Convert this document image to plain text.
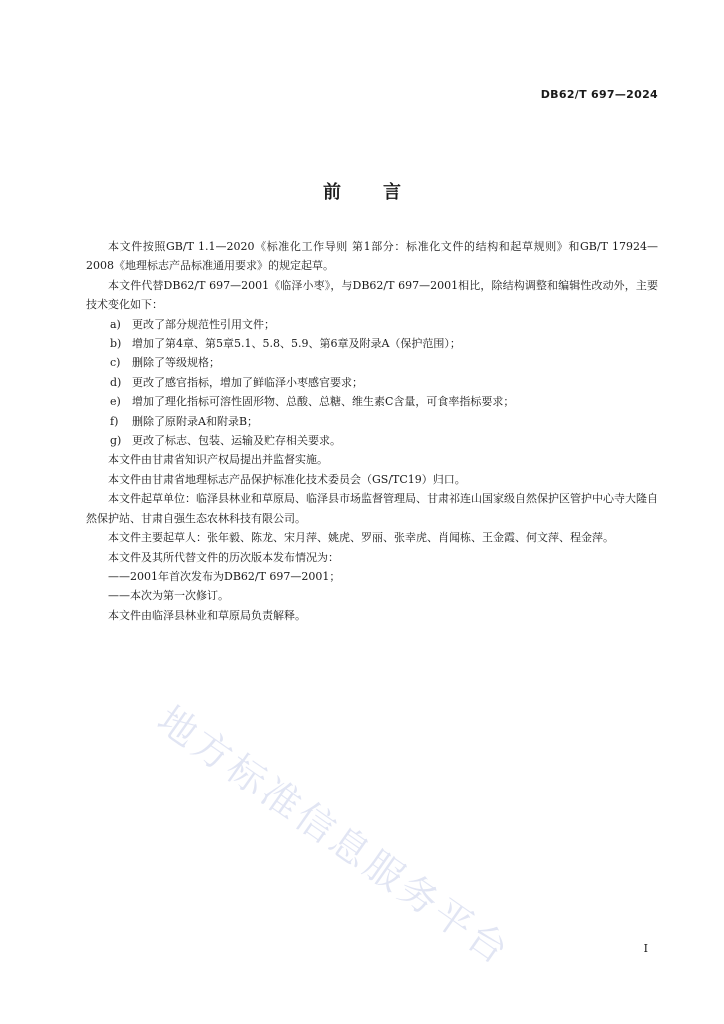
DB62/T 697—2024
前言

本文件按照GB/T 1.1—2020《标准化工作导则 第1部分：标准化文件的结构和起草规则》和GB/T 17924—2008《地理标志产品标准通用要求》的规定起草。

本文件代替DB62/T 697—2001《临泽小枣》，与DB62/T 697—2001相比，除结构调整和编辑性改动外，主要技术变化如下：

a) 更改了部分规范性引用文件；
b) 增加了第4章、第5章5.1、5.8、5.9、第6章及附录A（保护范围）；
c) 删除了等级规格；
d) 更改了感官指标，增加了鲜临泽小枣感官要求；
e) 增加了理化指标可溶性固形物、总酸、总糖、维生素C含量，可食率指标要求；
f) 删除了原附录A和附录B；
g) 更改了标志、包装、运输及贮存相关要求。

本文件由甘肃省知识产权局提出并监督实施。

本文件由甘肃省地理标志产品保护标准化技术委员会（GS/TC19）归口。

本文件起草单位：临泽县林业和草原局、临泽县市场监督管理局、甘肃祁连山国家级自然保护区管护中心寺大隆自然保护站、甘肃自强生态农林科技有限公司。

本文件主要起草人：张年毅、陈龙、宋月萍、姚虎、罗丽、张幸虎、肖闻栋、王金霞、何文萍、程金萍。

本文件及其所代替文件的历次版本发布情况为：

——2001年首次发布为DB62/T 697—2001；

——本次为第一次修订。

本文件由临泽县林业和草原局负责解释。

地方标准信息服务平台	I
